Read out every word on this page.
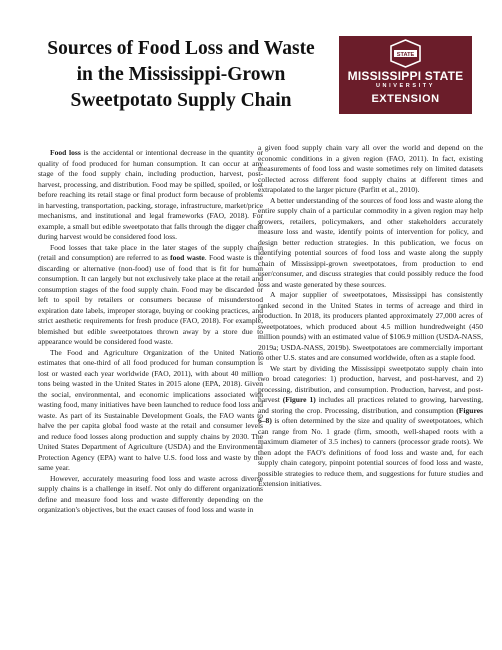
Sources of Food Loss and Waste
in the Mississippi-Grown
Sweetpotato Supply Chain
STATE
MISSISSIPPI STATE
UNIVERSITY
EXTENSION

Food loss is the accidental or intentional decrease in the quantity or quality of food produced for human consumption. It can occur at any stage of the food supply chain, including production, harvest, post-harvest, processing, and distribution. Food may be spilled, spoiled, or lost before reaching its retail stage or final product form because of problems in harvesting, transportation, packing, storage, infrastructure, market/price mechanisms, and institutional and legal frameworks (FAO, 2018). For example, a small but edible sweetpotato that falls through the digger chain during harvest would be considered food loss.

Food losses that take place in the later stages of the supply chain (retail and consumption) are referred to as food waste. Food waste is the discarding or alternative (non-food) use of food that is fit for human consumption. It can largely but not exclusively take place at the retail and consumption stages of the food supply chain. Food may be discarded or left to spoil by retailers or consumers because of misunderstood expiration date labels, improper storage, buying or cooking practices, and strict aesthetic requirements for fresh produce (FAO, 2018). For example, blemished but edible sweetpotatoes thrown away by a store due to appearance would be considered food waste.

The Food and Agriculture Organization of the United Nations estimates that one-third of all food produced for human consumption is lost or wasted each year worldwide (FAO, 2011), with about 40 million tons being wasted in the United States in 2015 alone (EPA, 2018). Given the social, environmental, and economic implications associated with wasting food, many initiatives have been launched to reduce food loss and waste. As part of its Sustainable Development Goals, the FAO wants to halve the per capita global food waste at the retail and consumer levels and reduce food losses along production and supply chains by 2030. The United States Department of Agriculture (USDA) and the Environmental Protection Agency (EPA) want to halve U.S. food loss and waste by the same year.

However, accurately measuring food loss and waste across diverse supply chains is a challenge in itself. Not only do different organizations define and measure food loss and waste differently depending on the organization's objectives, but the exact causes of food loss and waste in

a given food supply chain vary all over the world and depend on the economic conditions in a given region (FAO, 2011). In fact, existing measurements of food loss and waste sometimes rely on limited datasets collected across different food supply chains at different times and extrapolated to the larger picture (Parfitt et al., 2010).

A better understanding of the sources of food loss and waste along the entire supply chain of a particular commodity in a given region may help growers, retailers, policymakers, and other stakeholders accurately measure loss and waste, identify points of intervention for policy, and design better reduction strategies. In this publication, we focus on identifying potential sources of food loss and waste along the supply chain of Mississippi-grown sweetpotatoes, from production to end user/consumer, and discuss strategies that could possibly reduce the food loss and waste generated by these sources.

A major supplier of sweetpotatoes, Mississippi has consistently ranked second in the United States in terms of acreage and third in production. In 2018, its producers planted approximately 27,000 acres of sweetpotatoes, which produced about 4.5 million hundredweight (450 million pounds) with an estimated value of $106.9 million (USDA-NASS, 2019a; USDA-NASS, 2019b). Sweetpotatoes are commercially important to other U.S. states and are consumed worldwide, often as a staple food.

We start by dividing the Mississippi sweetpotato supply chain into two broad categories: 1) production, harvest, and post-harvest, and 2) processing, distribution, and consumption. Production, harvest, and post-harvest (Figure 1) includes all practices related to growing, harvesting, and storing the crop. Processing, distribution, and consumption (Figures 6–8) is often determined by the size and quality of sweetpotatoes, which can range from No. 1 grade (firm, smooth, well-shaped roots with a maximum diameter of 3.5 inches) to canners (processor grade roots). We then adopt the FAO's definitions of food loss and waste and, for each supply chain category, pinpoint potential sources of food loss and waste, possible strategies to reduce them, and suggestions for future studies and Extension initiatives.
